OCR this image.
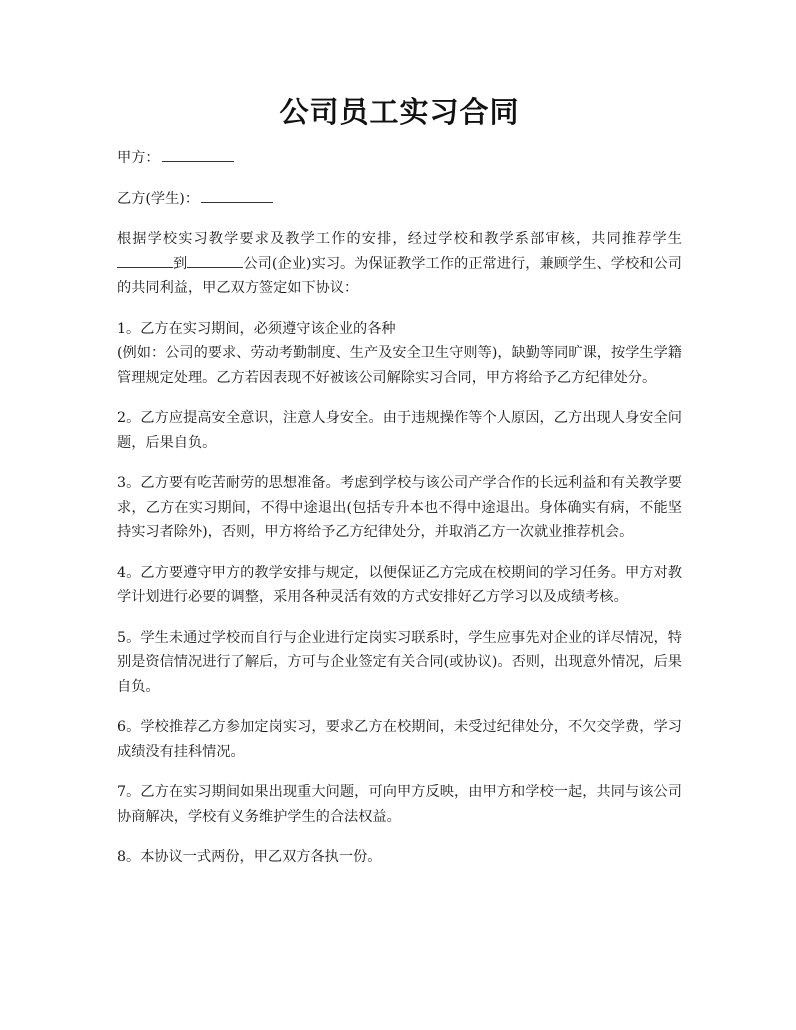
公司员工实习合同

甲方：

乙方(学生)：

根据学校实习教学要求及教学工作的安排，经过学校和教学系部审核，共同推荐学生到	公司(企业)实习。为保证教学工作的正常进行，兼顾学生、学校和公司的共同利益，甲乙双方签定如下协议：

1。乙方在实习期间，必须遵守该企业的各种
(例如：公司的要求、劳动考勤制度、生产及安全卫生守则等)，缺勤等同旷课，按学生学籍管理规定处理。乙方若因表现不好被该公司解除实习合同，甲方将给予乙方纪律处分。

2。乙方应提高安全意识，注意人身安全。由于违规操作等个人原因，乙方出现人身安全问题，后果自负。

3。乙方要有吃苦耐劳的思想准备。考虑到学校与该公司产学合作的长远利益和有关教学要求，乙方在实习期间，不得中途退出(包括专升本也不得中途退出。身体确实有病，不能坚持实习者除外)，否则，甲方将给予乙方纪律处分，并取消乙方一次就业推荐机会。

4。乙方要遵守甲方的教学安排与规定，以便保证乙方完成在校期间的学习任务。甲方对教学计划进行必要的调整，采用各种灵活有效的方式安排好乙方学习以及成绩考核。

5。学生未通过学校而自行与企业进行定岗实习联系时，学生应事先对企业的详尽情况，特别是资信情况进行了解后，方可与企业签定有关合同(或协议)。否则，出现意外情况，后果自负。

6。学校推荐乙方参加定岗实习，要求乙方在校期间，未受过纪律处分，不欠交学费，学习成绩没有挂科情况。

7。乙方在实习期间如果出现重大问题，可向甲方反映，由甲方和学校一起，共同与该公司协商解决，学校有义务维护学生的合法权益。

8。本协议一式两份，甲乙双方各执一份。
